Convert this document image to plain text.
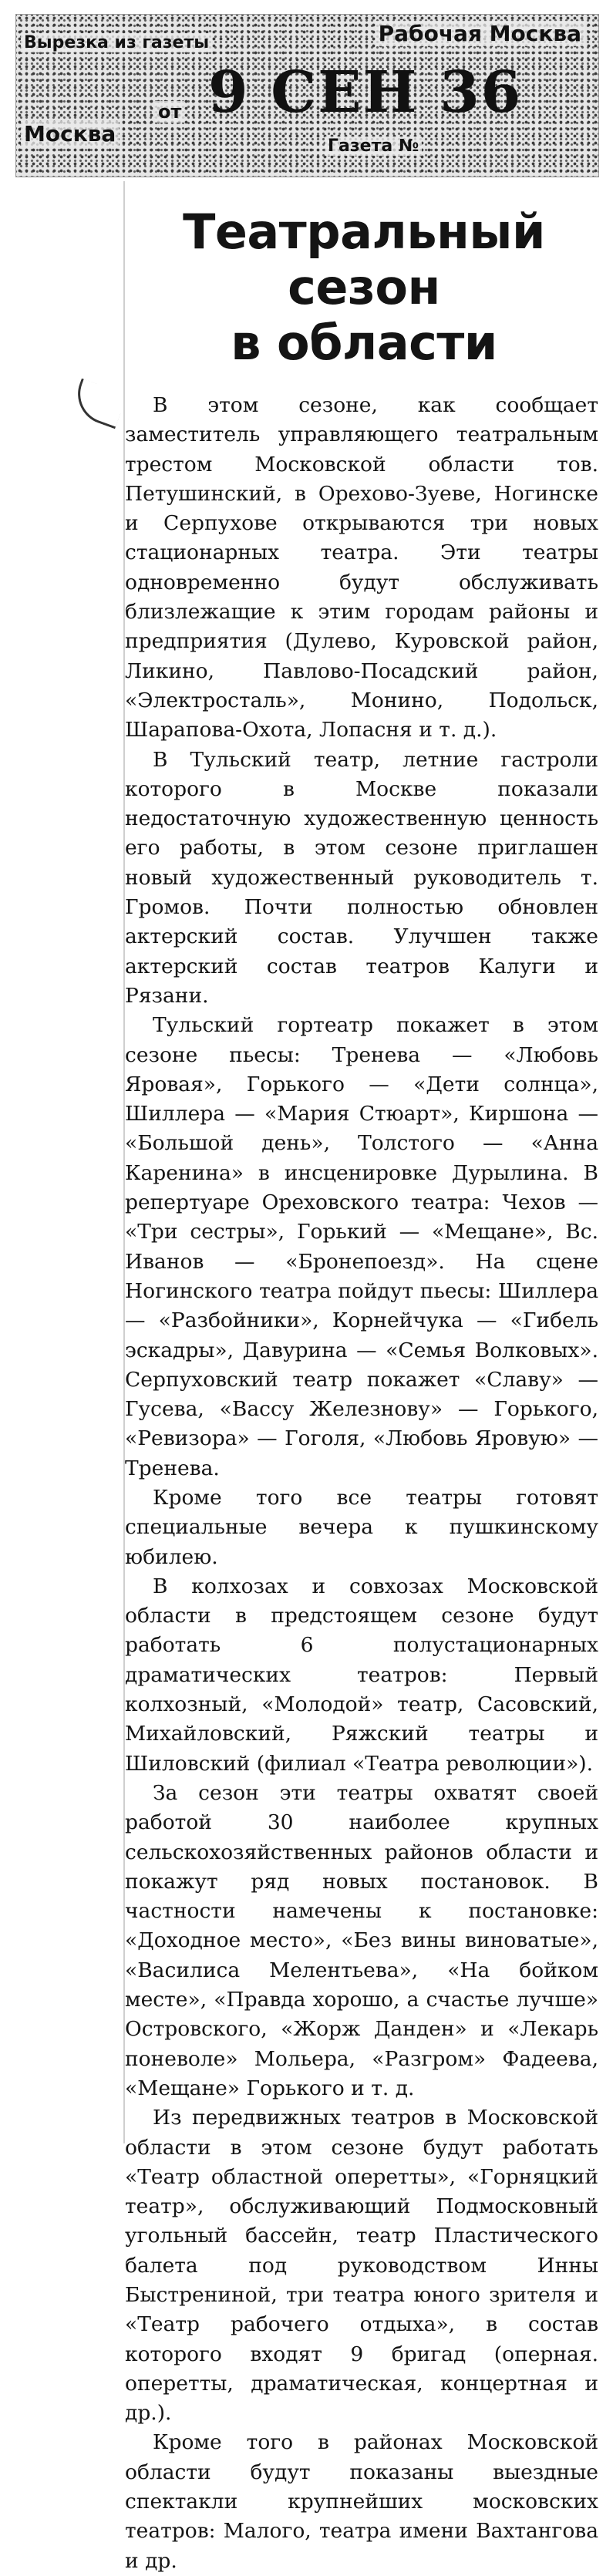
Вырезка из газеты	Рабочая Москва
9 СЕН 36
от
Москва	Газета №
Театральный сезон
в области

В этом сезоне, как сообщает заместитель управляющего театральным трестом Московской области тов. Петушинский, в Орехово-Зуеве, Ногинске и Серпухове открываются три новых стационарных театра. Эти театры одновременно будут обслуживать близлежащие к этим городам районы и предприятия (Дулево, Куровской район, Ликино, Павлово-Посадский район, «Электросталь», Монино, Подольск, Шарапова-Охота, Лопасня и т. д.).

В Тульский театр, летние гастроли которого в Москве показали недостаточную художественную ценность его работы, в этом сезоне приглашен новый художественный руководитель т. Громов. Почти полностью обновлен актерский состав. Улучшен также актерский состав театров Калуги и Рязани.

Тульский гортеатр покажет в этом сезоне пьесы: Тренева — «Любовь Яровая», Горького — «Дети солнца», Шиллера — «Мария Стюарт», Киршона — «Большой день», Толстого — «Анна Каренина» в инсценировке Дурылина. В репертуаре Ореховского театра: Чехов — «Три сестры», Горький — «Мещане», Вс. Иванов — «Бронепоезд». На сцене Ногинского театра пойдут пьесы: Шиллера — «Разбойники», Корнейчука — «Гибель эскадры», Давурина — «Семья Волковых». Серпуховский театр покажет «Славу» — Гусева, «Вассу Железнову» — Горького, «Ревизора» — Гоголя, «Любовь Яровую» — Тренева.

Кроме того все театры готовят специальные вечера к пушкинскому юбилею.

В колхозах и совхозах Московской области в предстоящем сезоне будут работать 6 полустационарных драматических театров: Первый колхозный, «Молодой» театр, Сасовский, Михайловский, Ряжский театры и Шиловский (филиал «Театра революции»).

За сезон эти театры охватят своей работой 30 наиболее крупных сельскохозяйственных районов области и покажут ряд новых постановок. В частности намечены к постановке: «Доходное место», «Без вины виноватые», «Василиса Мелентьева», «На бойком месте», «Правда хорошо, а счастье лучше» Островского, «Жорж Данден» и «Лекарь поневоле» Мольера, «Разгром» Фадеева, «Мещане» Горького и т. д.

Из передвижных театров в Московской области в этом сезоне будут работать «Театр областной оперетты», «Горняцкий театр», обслуживающий Подмосковный угольный бассейн, театр Пластического балета под руководством Инны Быстрениной, три театра юного зрителя и «Театр рабочего отдыха», в состав которого входят 9 бригад (оперная. оперетты, драматическая, концертная и др.).

Кроме того в районах Московской области будут показаны выездные спектакли крупнейших московских театров: Малого, театра имени Вахтангова и др.
